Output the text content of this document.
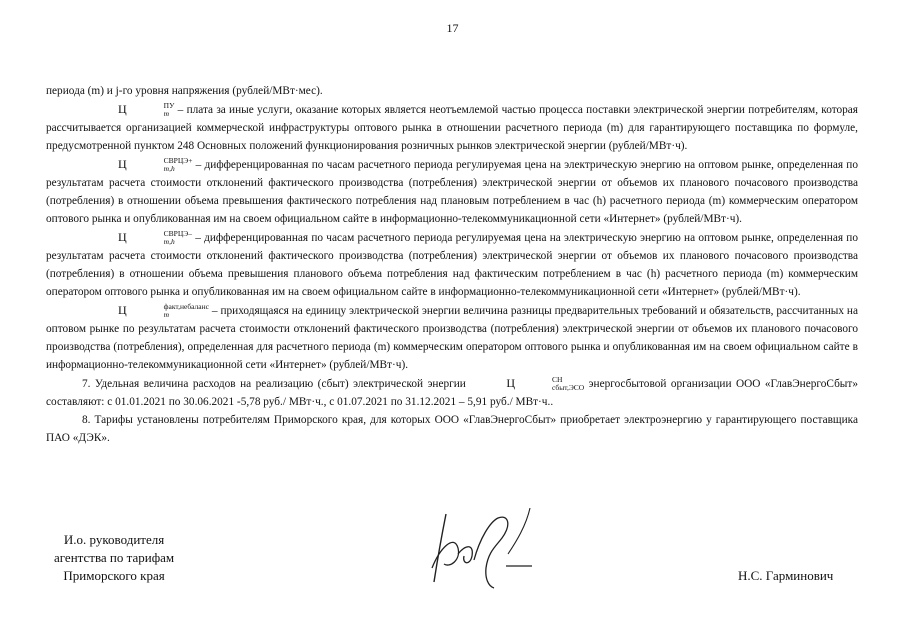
17

периода (m) и j-го уровня напряжения (рублей/МВт·мес).

Ц	ПУ
m – плата за иные услуги, оказание которых является неотъемлемой частью процесса поставки электрической энергии потребителям, которая рассчитывается организацией коммерческой инфраструктуры оптового рынка в отношении расчетного периода (m) для гарантирующего поставщика по формуле, предусмотренной пунктом 248 Основных положений функционирования розничных рынков электрической энергии (рублей/МВт·ч).

Ц	СВРЦЭ+
m,h	– дифференцированная по часам расчетного периода регулируемая цена на электрическую энергию на оптовом рынке, определенная по результатам расчета стоимости отклонений фактического производства (потребления) электрической энергии от объемов их планового почасового производства (потребления) в отношении объема превышения фактического потребления над плановым потреблением в час (h) расчетного периода (m) коммерческим оператором оптового рынка и опубликованная им на своем официальном сайте в информационно-телекоммуникационной сети «Интернет» (рублей/МВт·ч).

Ц	СВРЦЭ–
m,h	– дифференцированная по часам расчетного периода регулируемая цена на электрическую энергию на оптовом рынке, определенная по результатам расчета стоимости отклонений фактического производства (потребления) электрической энергии от объемов их планового почасового производства (потребления) в отношении объема превышения планового объема потребления над фактическим потреблением в час (h) расчетного периода (m) коммерческим оператором оптового рынка и опубликованная им на своем официальном сайте в информационно-телекоммуникационной сети «Интернет» (рублей/МВт·ч).

Ц	факт,небаланс
m	– приходящаяся на единицу электрической энергии величина разницы предварительных требований и обязательств, рассчитанных на оптовом рынке по результатам расчета стоимости отклонений фактического производства (потребления) электрической энергии от объемов их планового почасового производства (потребления), определенная для расчетного периода (m) коммерческим оператором оптового рынка и опубликованная им на своем официальном сайте в информационно-телекоммуникационной сети «Интернет» (рублей/МВт·ч).

7. Удельная величина расходов на реализацию (сбыт) электрической энергии	Ц	СН
сбыт,ЭСО энергосбытовой организации ООО «ГлавЭнергоСбыт» составляют: с 01.01.2021 по 30.06.2021 -5,78 руб./ МВт·ч., с 01.07.2021 по 31.12.2021 – 5,91 руб./ МВт·ч..

8. Тарифы установлены потребителям Приморского края, для которых ООО «ГлавЭнергоСбыт» приобретает электроэнергию у гарантирующего поставщика ПАО «ДЭК».

И.о. руководителя
агентства по тарифам
Приморского края	Н.С. Гарминович
